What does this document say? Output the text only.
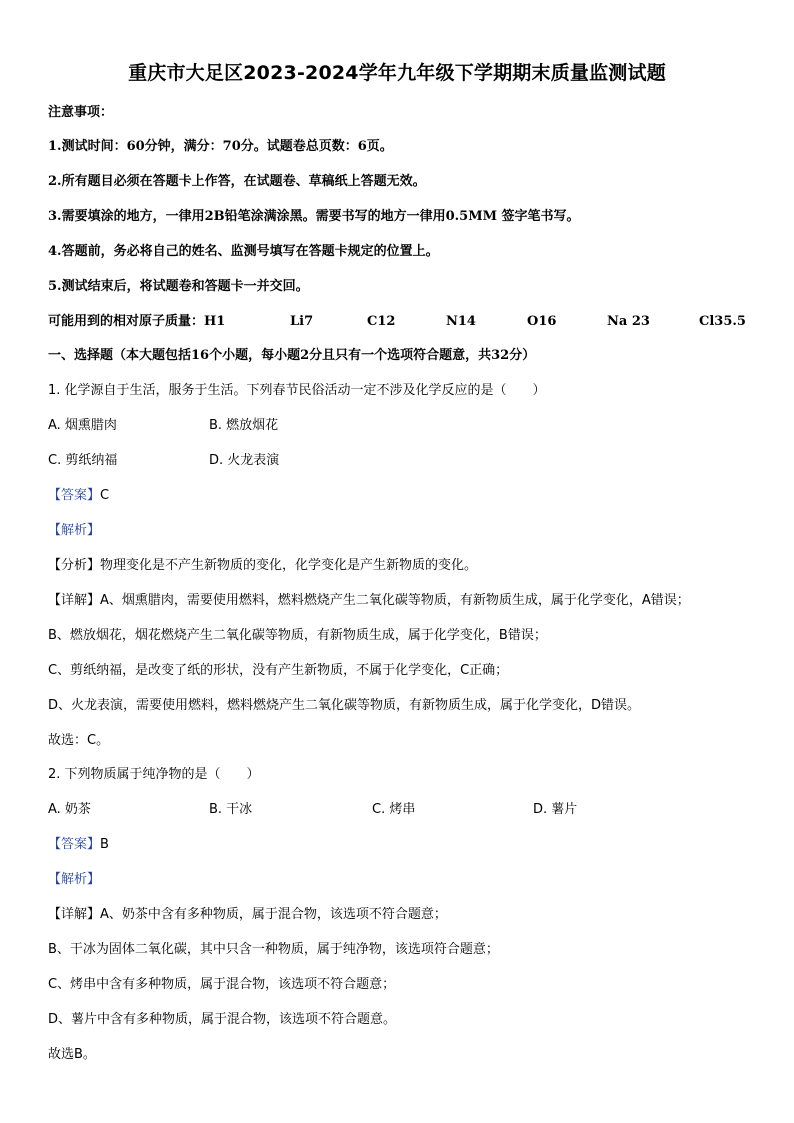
重庆市大足区2023-2024学年九年级下学期期末质量监测试题
注意事项：
1.测试时间：60分钟，满分：70分。试题卷总页数：6页。
2.所有题目必须在答题卡上作答，在试题卷、草稿纸上答题无效。
3.需要填涂的地方，一律用2B铅笔涂满涂黑。需要书写的地方一律用0.5MM 签字笔书写。
4.答题前，务必将自己的姓名、监测号填写在答题卡规定的位置上。
5.测试结束后，将试题卷和答题卡一并交回。
可能用到的相对原子质量：H1	Li7	C12	N14	O16	Na 23	Cl35.5
一、选择题（本大题包括16个小题，每小题2分且只有一个选项符合题意，共32分）
1. 化学源自于生活，服务于生活。下列春节民俗活动一定不涉及化学反应的是（　　）
A. 烟熏腊肉	B. 燃放烟花
C. 剪纸纳福	D. 火龙表演
【答案】C
【解析】
【分析】物理变化是不产生新物质的变化，化学变化是产生新物质的变化。
【详解】A、烟熏腊肉，需要使用燃料，燃料燃烧产生二氧化碳等物质，有新物质生成，属于化学变化，A错误；
B、燃放烟花，烟花燃烧产生二氧化碳等物质，有新物质生成，属于化学变化，B错误；
C、剪纸纳福，是改变了纸的形状，没有产生新物质，不属于化学变化，C正确；
D、火龙表演，需要使用燃料，燃料燃烧产生二氧化碳等物质，有新物质生成，属于化学变化，D错误。
故选：C。
2. 下列物质属于纯净物的是（　　）
A. 奶茶	B. 干冰	C. 烤串	D. 薯片
【答案】B
【解析】
【详解】A、奶茶中含有多种物质，属于混合物，该选项不符合题意；
B、干冰为固体二氧化碳，其中只含一种物质，属于纯净物，该选项符合题意；
C、烤串中含有多种物质，属于混合物，该选项不符合题意；
D、薯片中含有多种物质，属于混合物，该选项不符合题意。
故选B。
